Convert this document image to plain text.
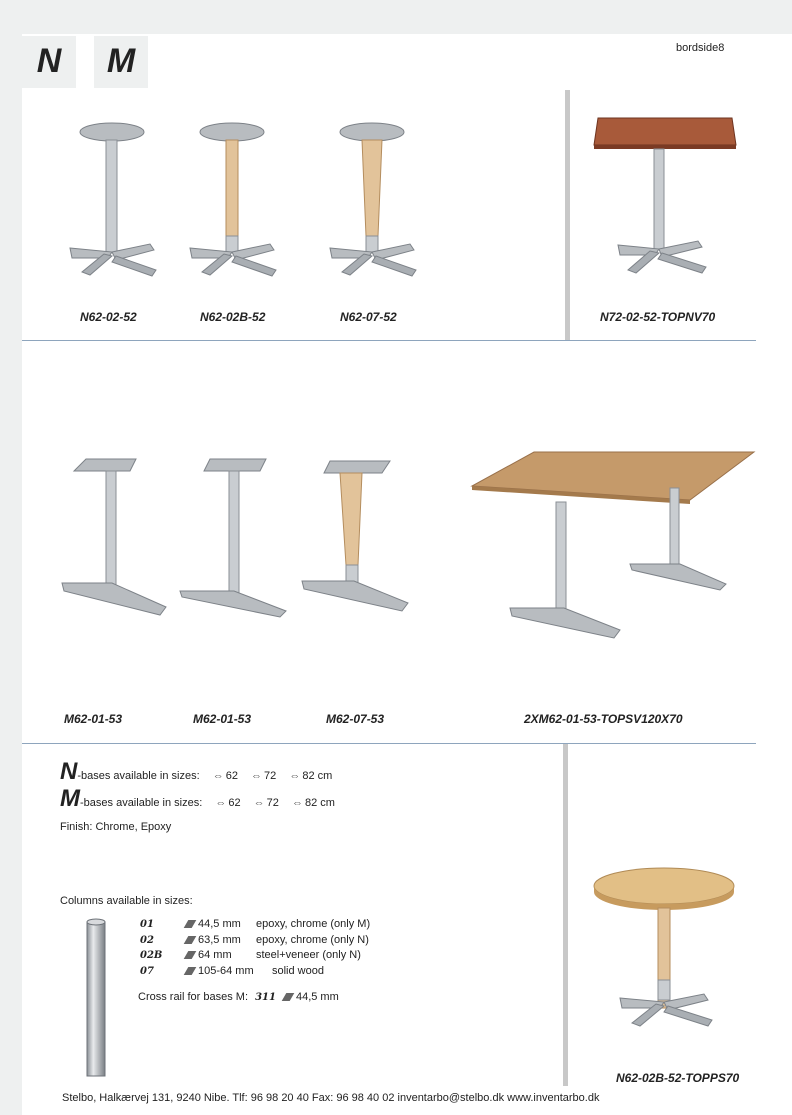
N	M	bordside8
N62-02-52	N62-02B-52	N62-07-52	N72-02-52-TOPNV70
M62-01-53	M62-01-53	M62-07-53	2XM62-01-53-TOPSV120X70
N-bases available in sizes: ⇔ 62 ⇔ 72 ⇔ 82 cm
M-bases available in sizes: ⇔ 62 ⇔ 72 ⇔ 82 cm
Finish: Chrome, Epoxy
Columns available in sizes:
01	44,5 mm epoxy, chrome (only M)
02	63,5 mm epoxy, chrome (only N)
02B	64 mm steel+veneer (only N)
07	105-64 mm solid wood
Cross rail for bases M: 311 44,5 mm
N62-02B-52-TOPPS70
Stelbo, Halkærvej 131, 9240 Nibe. Tlf: 96 98 20 40 Fax: 96 98 40 02 inventarbo@stelbo.dk www.inventarbo.dk
